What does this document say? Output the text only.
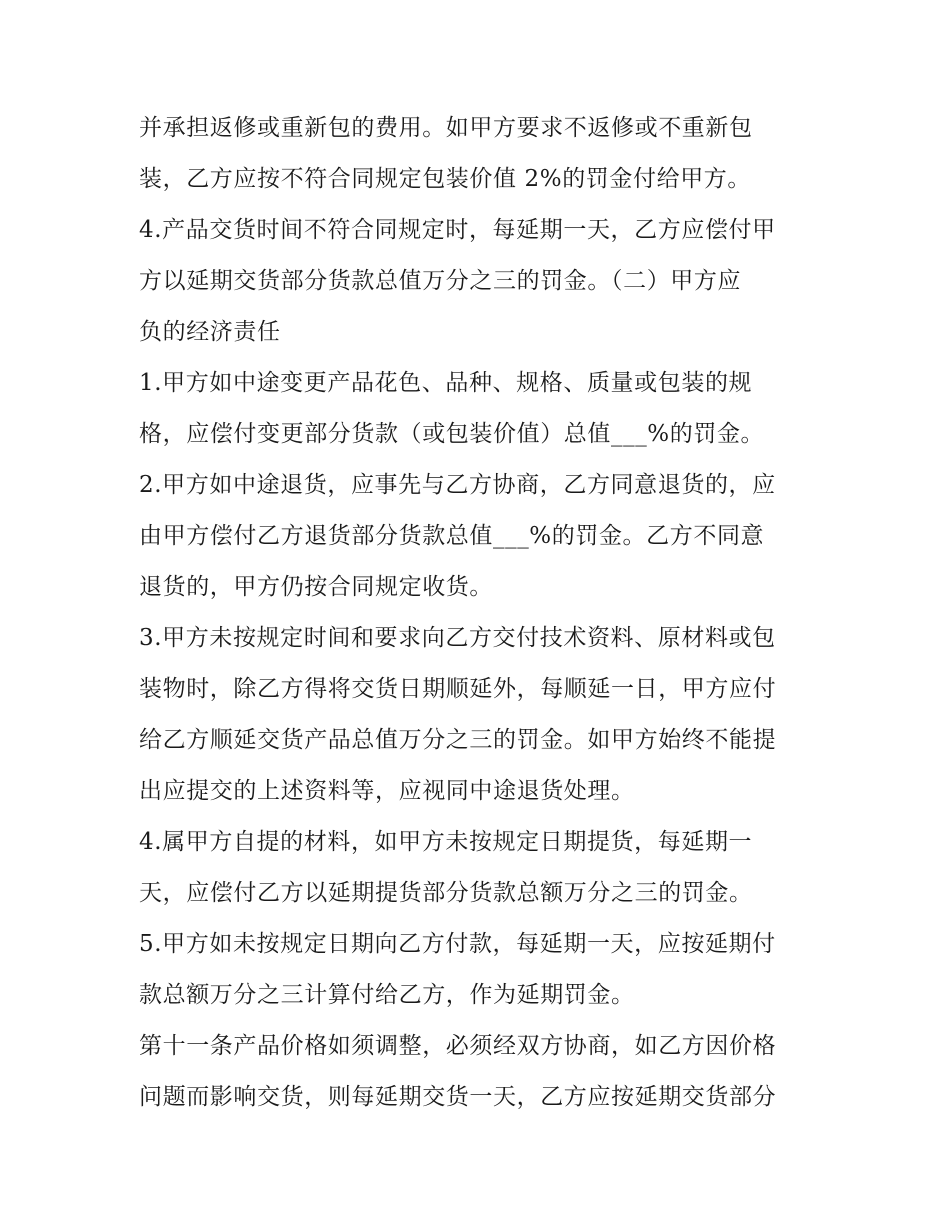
并承担返修或重新包的费用。如甲方要求不返修或不重新包
装，乙方应按不符合同规定包装价值 2%的罚金付给甲方。
4.产品交货时间不符合同规定时，每延期一天，乙方应偿付甲
方以延期交货部分货款总值万分之三的罚金。（二）甲方应
负的经济责任
1.甲方如中途变更产品花色、品种、规格、质量或包装的规
格，应偿付变更部分货款（或包装价值）总值___%的罚金。
2.甲方如中途退货，应事先与乙方协商，乙方同意退货的，应
由甲方偿付乙方退货部分货款总值___%的罚金。乙方不同意
退货的，甲方仍按合同规定收货。
3.甲方未按规定时间和要求向乙方交付技术资料、原材料或包
装物时，除乙方得将交货日期顺延外，每顺延一日，甲方应付
给乙方顺延交货产品总值万分之三的罚金。如甲方始终不能提
出应提交的上述资料等，应视同中途退货处理。
4.属甲方自提的材料，如甲方未按规定日期提货，每延期一
天，应偿付乙方以延期提货部分货款总额万分之三的罚金。
5.甲方如未按规定日期向乙方付款，每延期一天，应按延期付
款总额万分之三计算付给乙方，作为延期罚金。
第十一条产品价格如须调整，必须经双方协商，如乙方因价格
问题而影响交货，则每延期交货一天，乙方应按延期交货部分
